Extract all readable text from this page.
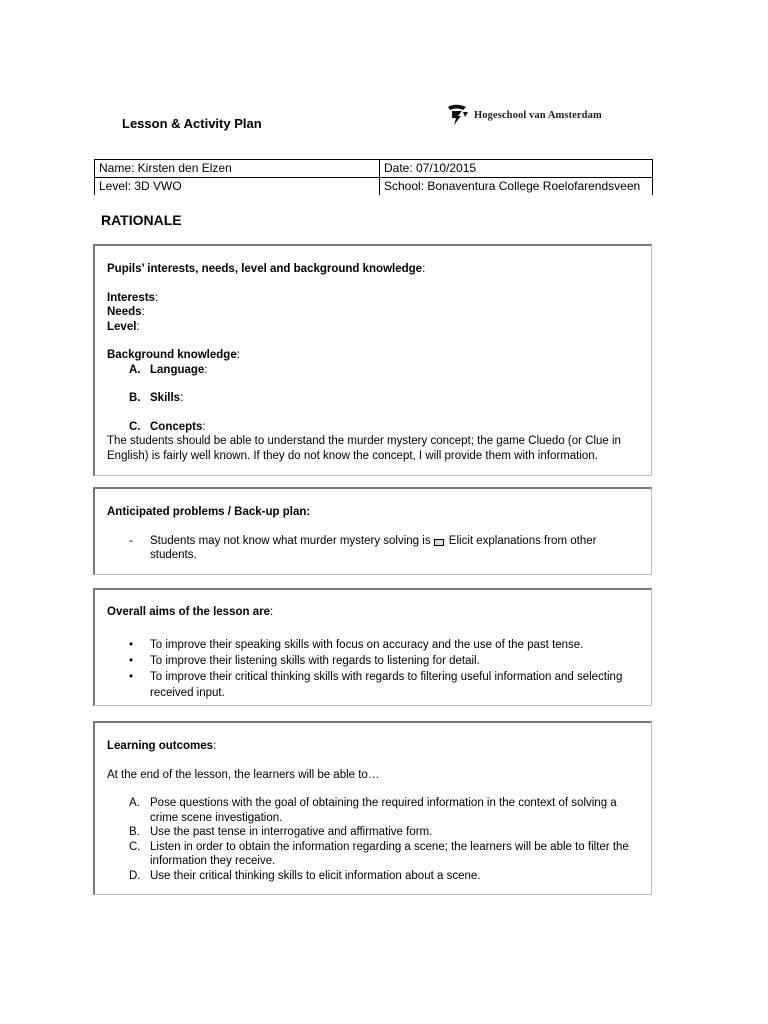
Lesson & Activity Plan
Hogeschool van Amsterdam
Name: Kirsten den Elzen	Date: 07/10/2015
Level: 3D VWO	School: Bonaventura College Roelofarendsveen
RATIONALE

Pupils’ interests, needs, level and background knowledge:

Interests:

Needs:

Level:

Background knowledge:

A. Language:
B. Skills:
C. Concepts:

The students should be able to understand the murder mystery concept; the game Cluedo (or Clue in English) is fairly well known. If they do not know the concept, I will provide them with information.

Anticipated problems / Back-up plan:

- Students may not know what murder mystery solving is Elicit explanations from other students.

Overall aims of the lesson are:

• To improve their speaking skills with focus on accuracy and the use of the past tense.
• To improve their listening skills with regards to listening for detail.
• To improve their critical thinking skills with regards to filtering useful information and selecting received input.

Learning outcomes:

At the end of the lesson, the learners will be able to…

A. Pose questions with the goal of obtaining the required information in the context of solving a crime scene investigation.
B. Use the past tense in interrogative and affirmative form.
C. Listen in order to obtain the information regarding a scene; the learners will be able to filter the information they receive.
D. Use their critical thinking skills to elicit information about a scene.
